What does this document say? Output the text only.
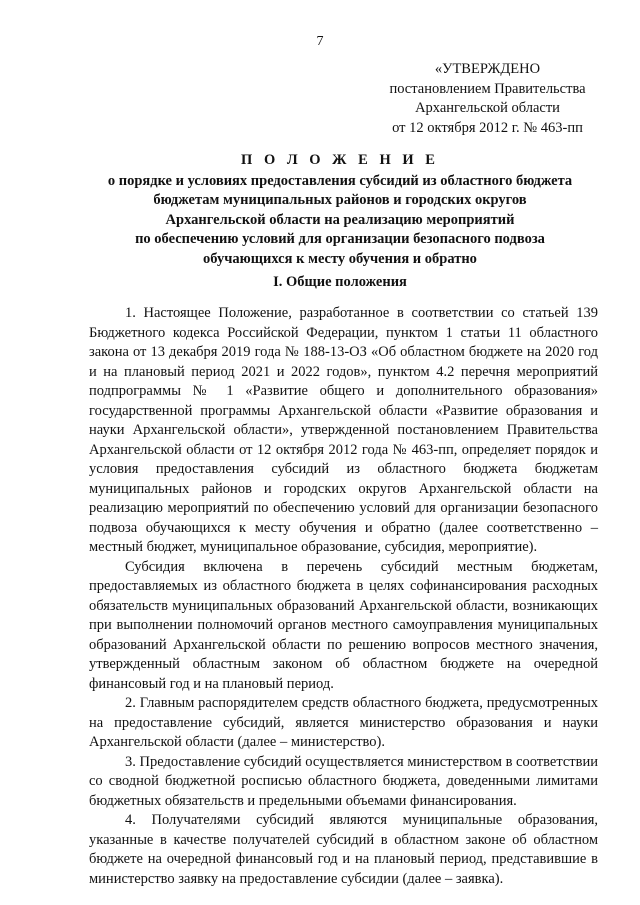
7
«УТВЕРЖДЕНО
постановлением Правительства
Архангельской области
от 12 октября 2012 г. № 463-пп
П О Л О Ж Е Н И Е
о порядке и условиях предоставления субсидий из областного бюджета
бюджетам муниципальных районов и городских округов
Архангельской области на реализацию мероприятий
по обеспечению условий для организации безопасного подвоза
обучающихся к месту обучения и обратно
I. Общие положения

1. Настоящее Положение, разработанное в соответствии со статьей 139 Бюджетного кодекса Российской Федерации, пунктом 1 статьи 11 областного закона от 13 декабря 2019 года № 188-13-ОЗ «Об областном бюджете на 2020 год и на плановый период 2021 и 2022 годов», пунктом 4.2 перечня мероприятий подпрограммы № 1 «Развитие общего и дополнительного образования» государственной программы Архангельской области «Развитие образования и науки Архангельской области», утвержденной постановлением Правительства Архангельской области от 12 октября 2012 года № 463-пп, определяет порядок и условия предоставления субсидий из областного бюджета бюджетам муниципальных районов и городских округов Архангельской области на реализацию мероприятий по обеспечению условий для организации безопасного подвоза обучающихся к месту обучения и обратно (далее соответственно – местный бюджет, муниципальное образование, субсидия, мероприятие).

Субсидия включена в перечень субсидий местным бюджетам, предоставляемых из областного бюджета в целях софинансирования расходных обязательств муниципальных образований Архангельской области, возникающих при выполнении полномочий органов местного самоуправления муниципальных образований Архангельской области по решению вопросов местного значения, утвержденный областным законом об областном бюджете на очередной финансовый год и на плановый период.

2. Главным распорядителем средств областного бюджета, предусмотренных на предоставление субсидий, является министерство образования и науки Архангельской области (далее – министерство).

3. Предоставление субсидий осуществляется министерством в соответствии со сводной бюджетной росписью областного бюджета, доведенными лимитами бюджетных обязательств и предельными объемами финансирования.

4. Получателями субсидий являются муниципальные образования, указанные в качестве получателей субсидий в областном законе об областном бюджете на очередной финансовый год и на плановый период, представившие в министерство заявку на предоставление субсидии (далее – заявка).
